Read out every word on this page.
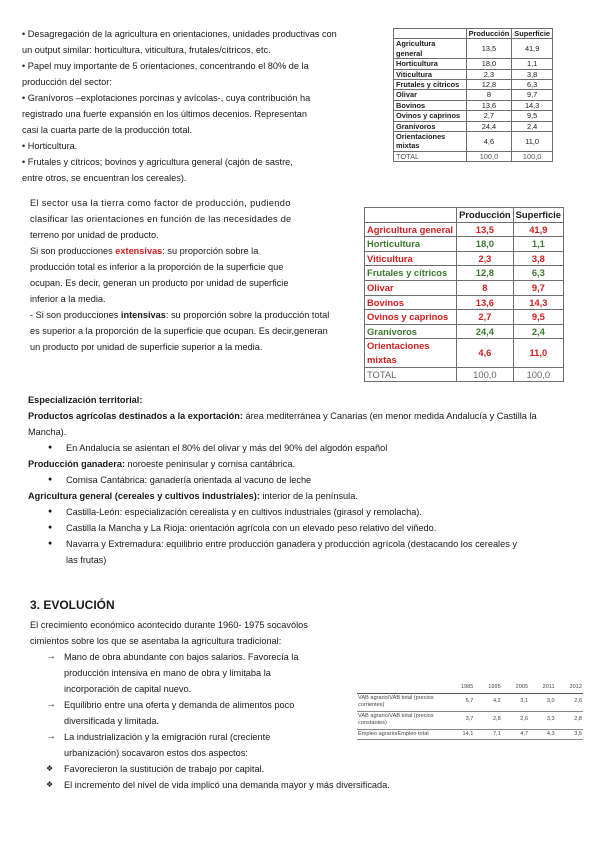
• Desagregación de la agricultura en orientaciones, unidades productivas con
un output similar: horticultura, viticultura, frutales/cítricos, etc.
• Papel muy importante de 5 orientaciones, concentrando el 80% de la
producción del sector:
• Granívoros –explotaciones porcinas y avícolas-, cuya contribución ha
registrado una fuerte expansión en los últimos decenios. Representan
casi la cuarta parte de la producción total.
• Horticultura.
• Frutales y cítricos; bovinos y agricultura general (cajón de sastre,
entre otros, se encuentran los cereales).
	Producción	Superficie
Agricultura general	13,5	41,9
Horticultura	18,0	1,1
Viticultura	2,3	3,8
Frutales y cítricos	12,8	6,3
Olivar	8	9,7
Bovinos	13,6	14,3
Ovinos y caprinos	2,7	9,5
Granívoros	24,4	2,4
Orientaciones mixtas	4,6	11,0
TOTAL	100,0	100,0
El sector usa la tierra como factor de producción, pudiendo
clasificar las orientaciones en función de las necesidades de
terreno por unidad de producto.
Si son producciones extensivas: su proporción sobre la
producción total es inferior a la proporción de la superficie que
ocupan. Es decir, generan un producto por unidad de superficie
inferior a la media.
- Si son producciones intensivas: su proporción sobre la producción total
es superior a la proporción de la superficie que ocupan. Es decir,generan
un producto por unidad de superficie superior a la media.
	Producción	Superficie
Agricultura general	13,5	41,9
Horticultura	18,0	1,1
Viticultura	2,3	3,8
Frutales y cítricos	12,8	6,3
Olivar	8	9,7
Bovinos	13,6	14,3
Ovinos y caprinos	2,7	9,5
Granívoros	24,4	2,4
Orientaciones mixtas	4,6	11,0
TOTAL	100,0	100,0
Especialización territorial:
Productos agrícolas destinados a la exportación: área mediterránea y Canarias (en menor medida Andalucía y Castilla la
Mancha).
● En Andalucía se asientan el 80% del olivar y más del 90% del algodón español
Producción ganadera: noroeste peninsular y cornisa cantábrica.
● Cornisa Cantábrica: ganadería orientada al vacuno de leche
Agricultura general (cereales y cultivos industriales): interior de la península.
● Castilla-León: especialización cerealista y en cultivos industriales (girasol y remolacha).
● Castilla la Mancha y La Rioja: orientación agrícola con un elevado peso relativo del viñedo.
● Navarra y Extremadura: equilibrio entre producción ganadera y producción agrícola (destacando los cereales y
las frutas)
3. EVOLUCIÓN
El crecimiento económico acontecido durante 1960- 1975 socavólos
cimientos sobre los que se asentaba la agricultura tradicional:
→ Mano de obra abundante con bajos salarios. Favorecía la
producción intensiva en mano de obra y limitaba la
incorporación de capital nuevo.
→ Equilibrio entre una oferta y demanda de alimentos poco
diversificada y limitada.
→ La industrialización y la emigración rural (creciente
urbanización) socavaron estos dos aspectos:
❖ Favorecieron la sustitución de trabajo por capital.
❖ El incremento del nivel de vida implicó una demanda mayor y más diversificada.
	1985	1995	2005	2011	2012
VAB agrario/VAB total (precios corrientes)	5,7	4,2	3,1	3,0	2,6
VAB agrario/VAB total (precios constantes)	3,7	2,8	2,6	3,3	2,8
Empleo agrario/Empleo total	14,1	7,1	4,7	4,3	3,5
